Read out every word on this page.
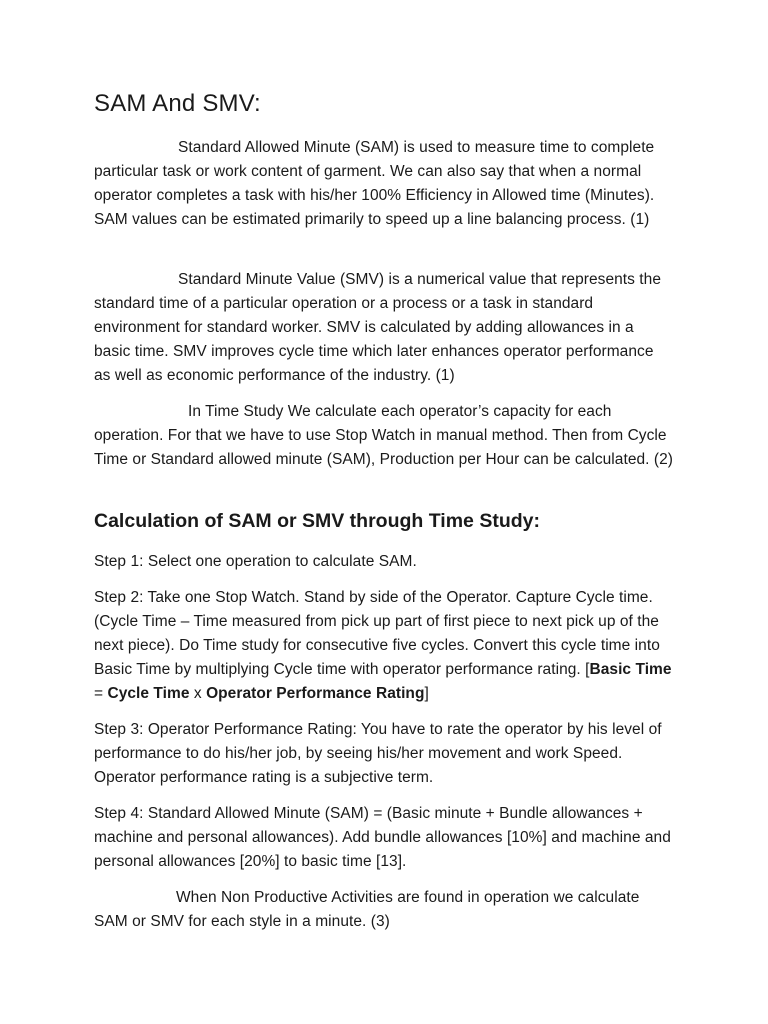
SAM And SMV:

Standard Allowed Minute (SAM) is used to measure time to complete particular task or work content of garment. We can also say that when a normal operator completes a task with his/her 100% Efficiency in Allowed time (Minutes). SAM values can be estimated primarily to speed up a line balancing process. (1)

Standard Minute Value (SMV) is a numerical value that represents the standard time of a particular operation or a process or a task in standard environment for standard worker. SMV is calculated by adding allowances in a basic time. SMV improves cycle time which later enhances operator performance as well as economic performance of the industry. (1)

In Time Study We calculate each operator’s capacity for each operation. For that we have to use Stop Watch in manual method. Then from Cycle Time or Standard allowed minute (SAM), Production per Hour can be calculated. (2)

Calculation of SAM or SMV through Time Study:

Step 1: Select one operation to calculate SAM.

Step 2: Take one Stop Watch. Stand by side of the Operator. Capture Cycle time. (Cycle Time – Time measured from pick up part of first piece to next pick up of the next piece). Do Time study for consecutive five cycles. Convert this cycle time into Basic Time by multiplying Cycle time with operator performance rating. [Basic Time = Cycle Time x Operator Performance Rating]

Step 3: Operator Performance Rating: You have to rate the operator by his level of performance to do his/her job, by seeing his/her movement and work Speed. Operator performance rating is a subjective term.

Step 4: Standard Allowed Minute (SAM) = (Basic minute + Bundle allowances + machine and personal allowances). Add bundle allowances [10%] and machine and personal allowances [20%] to basic time [13].

When Non Productive Activities are found in operation we calculate SAM or SMV for each style in a minute. (3)
